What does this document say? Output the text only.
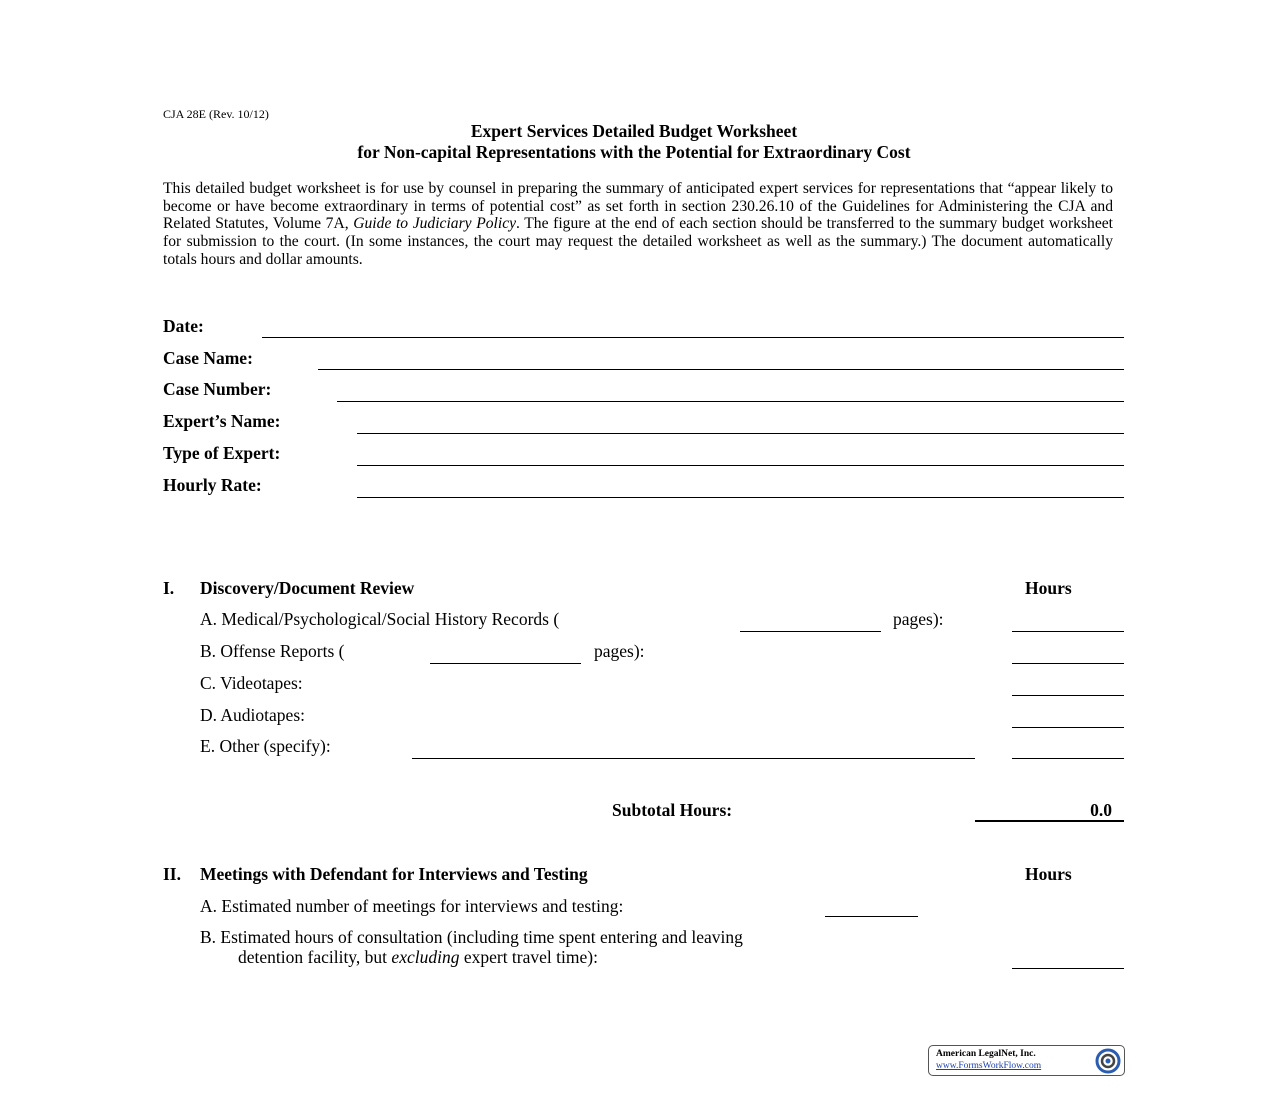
CJA 28E (Rev. 10/12)
Expert Services Detailed Budget Worksheet
for Non-capital Representations with the Potential for Extraordinary Cost

This detailed budget worksheet is for use by counsel in preparing the summary of anticipated expert services for representations that “appear likely to become or have become extraordinary in terms of potential cost” as set forth in section 230.26.10 of the Guidelines for Administering the CJA and Related Statutes, Volume 7A, Guide to Judiciary Policy. The figure at the end of each section should be transferred to the summary budget worksheet for submission to the court. (In some instances, the court may request the detailed worksheet as well as the summary.) The document automatically totals hours and dollar amounts.

Date:
Case Name:
Case Number:
Expert’s Name:
Type of Expert:
Hourly Rate:
I. Discovery/Document Review	Hours
A. Medical/Psychological/Social History Records (	pages):
B. Offense Reports (	pages):
C. Videotapes:
D. Audiotapes:
E. Other (specify):
Subtotal Hours:	0.0
II. Meetings with Defendant for Interviews and Testing	Hours
A. Estimated number of meetings for interviews and testing:
B. Estimated hours of consultation (including time spent entering and leaving
detention facility, but excluding expert travel time):
American LegalNet, Inc.
www.FormsWorkFlow.com
